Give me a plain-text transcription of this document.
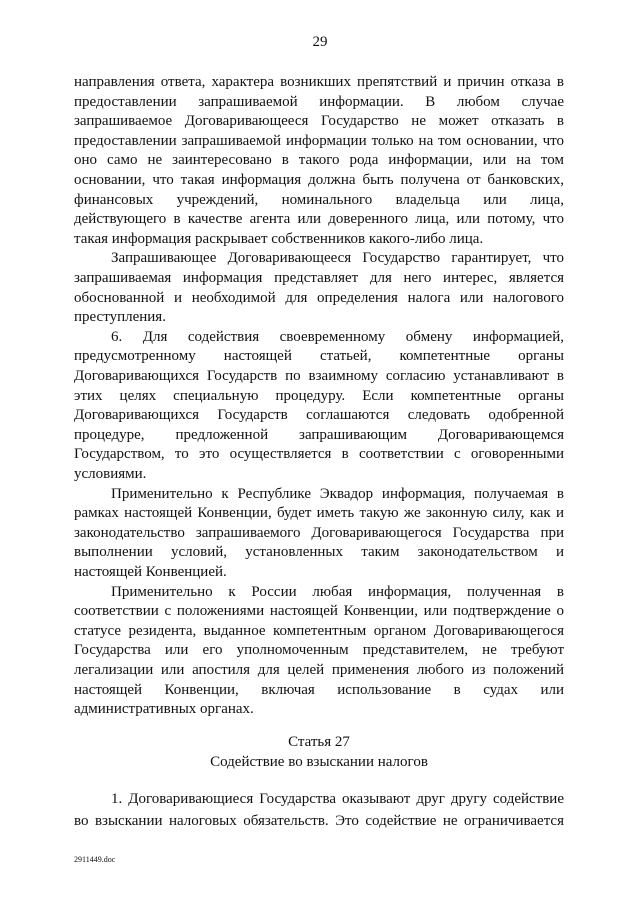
29
направления ответа, характера возникших препятствий и причин отказа в
предоставлении запрашиваемой информации. В любом случае
запрашиваемое Договаривающееся Государство не может отказать в
предоставлении запрашиваемой информации только на том основании, что
оно само не заинтересовано в такого рода информации, или на том
основании, что такая информация должна быть получена от банковских,
финансовых учреждений, номинального владельца или лица,
действующего в качестве агента или доверенного лица, или потому, что
такая информация раскрывает собственников какого-либо лица.
Запрашивающее Договаривающееся Государство гарантирует, что
запрашиваемая информация представляет для него интерес, является
обоснованной и необходимой для определения налога или налогового
преступления.
6. Для содействия своевременному обмену информацией,
предусмотренному настоящей статьей, компетентные органы
Договаривающихся Государств по взаимному согласию устанавливают в
этих целях специальную процедуру. Если компетентные органы
Договаривающихся Государств соглашаются следовать одобренной
процедуре, предложенной запрашивающим Договаривающемся
Государством, то это осуществляется в соответствии с оговоренными
условиями.
Применительно к Республике Эквадор информация, получаемая в
рамках настоящей Конвенции, будет иметь такую же законную силу, как и
законодательство запрашиваемого Договаривающегося Государства при
выполнении условий, установленных таким законодательством и
настоящей Конвенцией.
Применительно к России любая информация, полученная в
соответствии с положениями настоящей Конвенции, или подтверждение о
статусе резидента, выданное компетентным органом Договаривающегося
Государства или его уполномоченным представителем, не требуют
легализации или апостиля для целей применения любого из положений
настоящей Конвенции, включая использование в судах или
административных органах.
Статья 27
Содействие во взыскании налогов
1. Договаривающиеся Государства оказывают друг другу содействие
во взыскании налоговых обязательств. Это содействие не ограничивается
2911449.doc
